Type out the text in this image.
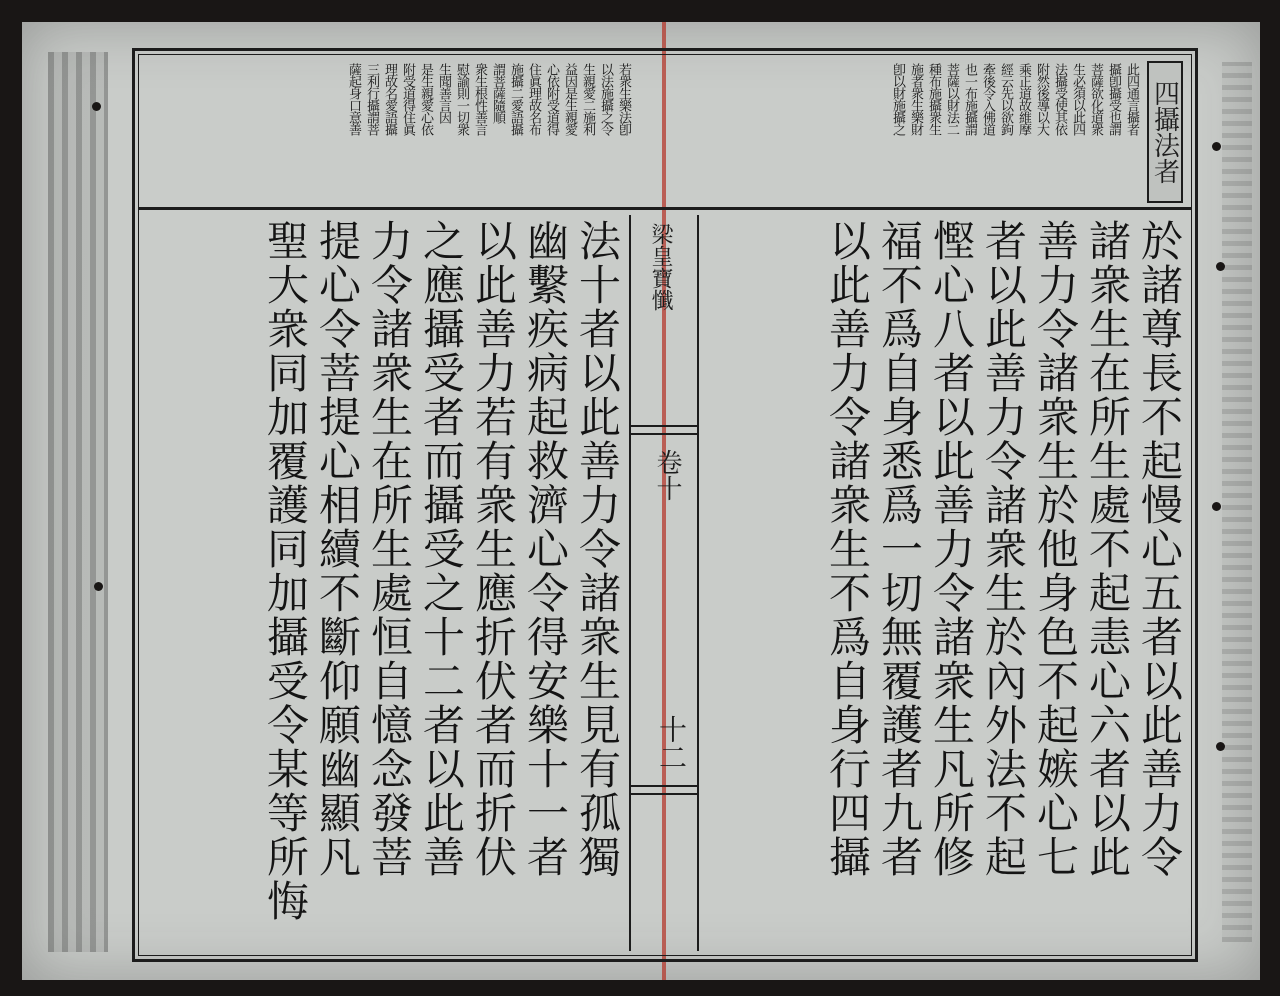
四攝法者
此四通言攝者
攝卽攝受也謂
菩薩欲化道衆
生必須以此四
法攝受使其依
附然後導以大
乘正道故維摩
經云先以欲鉤
牽後令入佛道
也一布施攝謂
菩薩以財法二
種布施攝衆生
施者衆生樂財
卽以財施攝之
若衆生樂法卽
以法施攝之令
生親愛二施利
益因是生親愛
心依附受道得
住眞理故名布
施攝二愛語攝
謂菩薩隨順
衆生根性善言
慰諭則一切衆
生聞善言因
是生親愛心依
附受道得住眞
理故名愛語攝
三利行攝謂菩
薩起身口意善
於諸尊長不起慢心五者以此善力令
諸衆生在所生處不起恚心六者以此
善力令諸衆生於他身色不起嫉心七
者以此善力令諸衆生於內外法不起
慳心八者以此善力令諸衆生凡所修
福不爲自身悉爲一切無覆護者九者
以此善力令諸衆生不爲自身行四攝
梁皇寶懺
卷十
十二
法十者以此善力令諸衆生見有孤獨
幽繫疾病起救濟心令得安樂十一者
以此善力若有衆生應折伏者而折伏
之應攝受者而攝受之十二者以此善
力令諸衆生在所生處恒自憶念發菩
提心令菩提心相續不斷仰願幽顯凡
聖大衆同加覆護同加攝受令某等所悔
